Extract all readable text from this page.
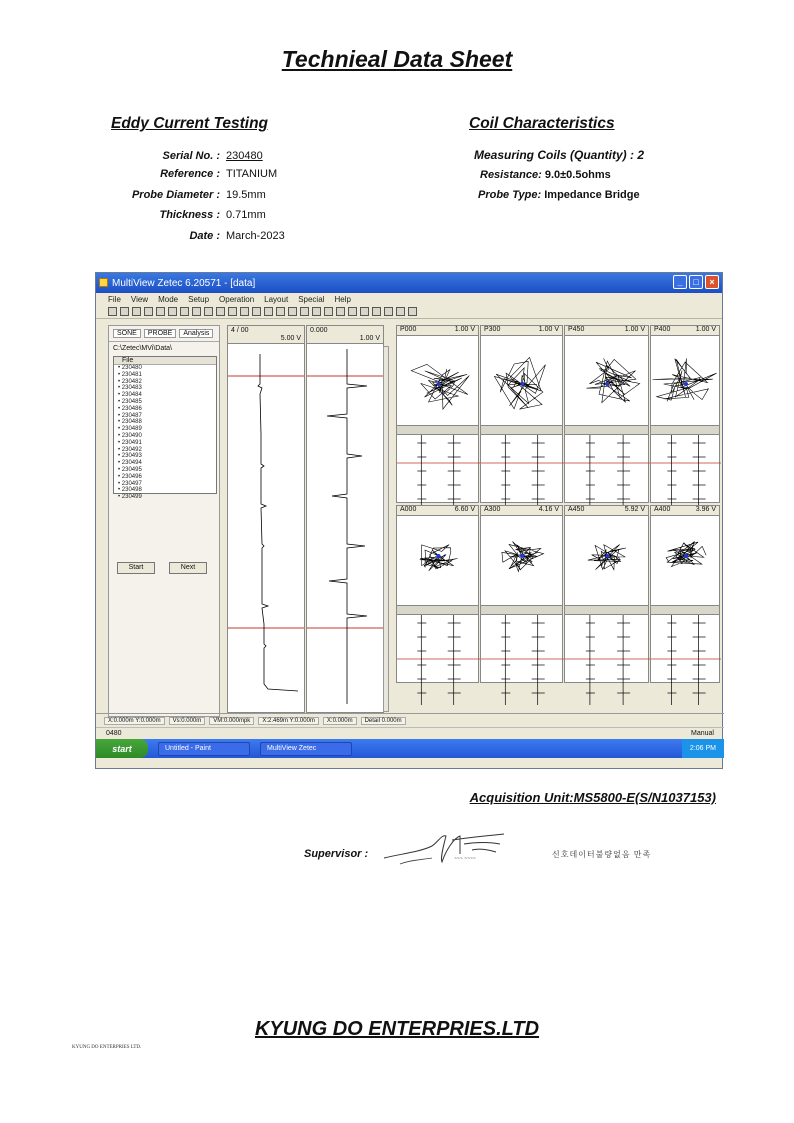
Technieal Data Sheet
Eddy Current Testing	Coil Characteristics
Serial No. : 230480
Reference : TITANIUM
Probe Diameter : 19.5mm
Thickness : 0.71mm
Date : March-2023
Measuring Coils (Quantity) : 2
Resistance: 9.0±0.5ohms
Probe Type: Impedance Bridge
MultiView Zetec 6.20571 - [data]	_	□	×
File View Mode Setup Operation Layout Special Help
SONE	PROBE	Analysis
C:\Zetec\MVi\Data\
File
• 230480
• 230481
• 230482
• 230483
• 230484
• 230485
• 230486
• 230487
• 230488
• 230489
• 230490
• 230491
• 230492
• 230493
• 230494
• 230495
• 230496
• 230497
• 230498
• 230499
Start	Next
4 / 00
5.00 V
0.000
1.00 V
X:0.000m Y:0.000m	Vs:0.000m	VM:0.000mpk	X:2.469m Y:0.000m	X:0.000m	Detail 0.000m
0480	Manual
start	Untitled - Paint	MultiView Zetec	2:06 PM
P000	1.00 V P300	1.00 V P450	1.00 V P400	1.00 V
A000	6.60 V A300	4.16 V A450	5.92 V A400	3.96 V
Acquisition Unit:MS5800-E(S/N1037153)
Supervisor :	~~~ ~~~~	신호데이터불량없음 만족
KYUNG DO ENTERPRIES.LTD
KYUNG DO ENTERPRIES LTD.
